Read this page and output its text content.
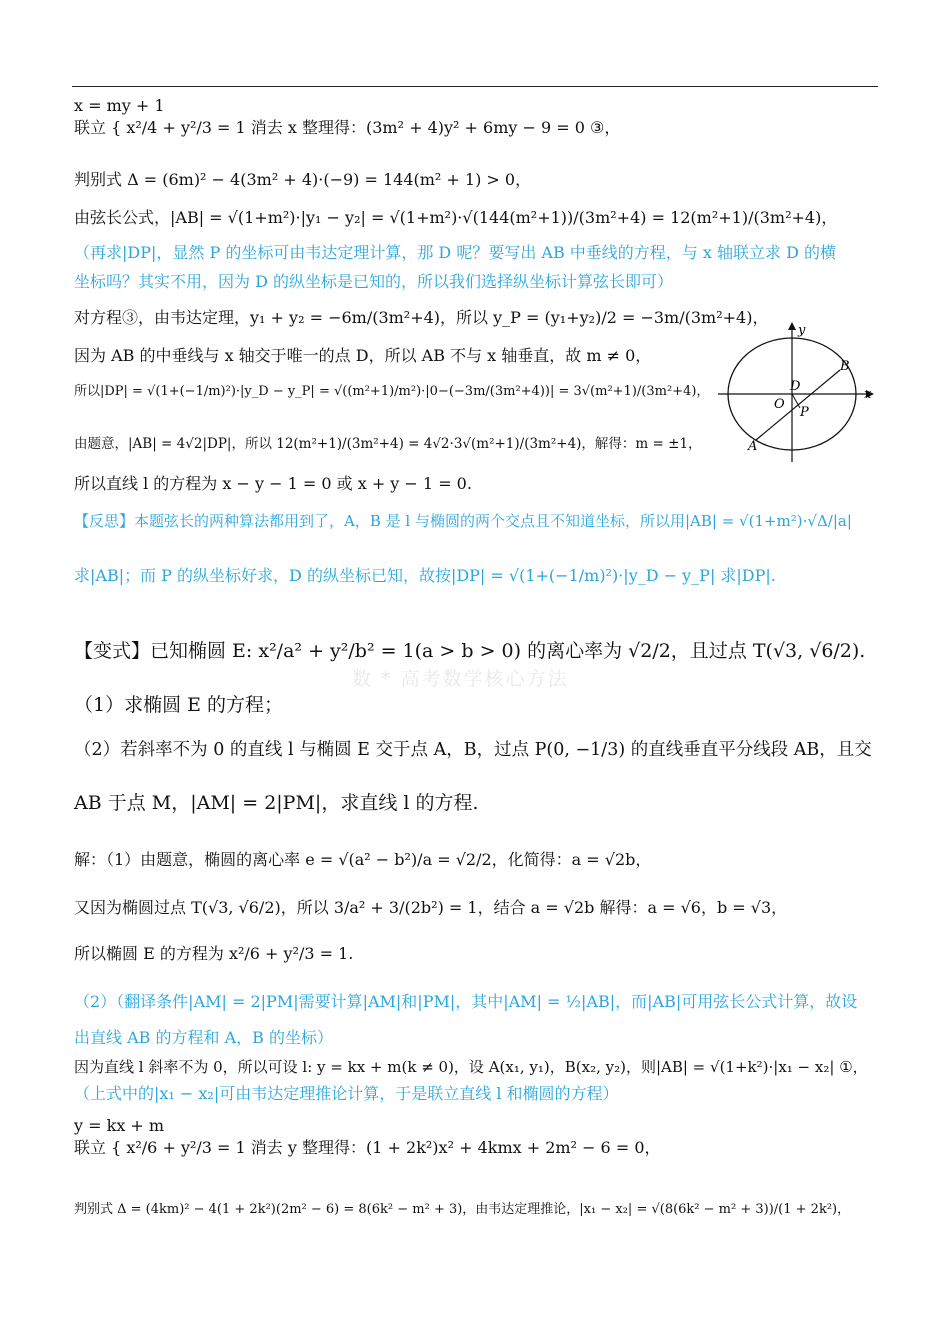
数 * 高考数学核心方法
x = my + 1
联立 { x²/4 + y²/3 = 1 消去 x 整理得：(3m² + 4)y² + 6my − 9 = 0 ③，
判别式 Δ = (6m)² − 4(3m² + 4)·(−9) = 144(m² + 1) > 0，
由弦长公式，|AB| = √(1+m²)·|y₁ − y₂| = √(1+m²)·√(144(m²+1))/(3m²+4) = 12(m²+1)/(3m²+4)，
（再求|DP|，显然 P 的坐标可由韦达定理计算，那 D 呢？要写出 AB 中垂线的方程，与 x 轴联立求 D 的横
坐标吗？其实不用，因为 D 的纵坐标是已知的，所以我们选择纵坐标计算弦长即可）
对方程③，由韦达定理，y₁ + y₂ = −6m/(3m²+4)，所以 y_P = (y₁+y₂)/2 = −3m/(3m²+4)，
因为 AB 的中垂线与 x 轴交于唯一的点 D，所以 AB 不与 x 轴垂直，故 m ≠ 0，
所以|DP| = √(1+(−1/m)²)·|y_D − y_P| = √((m²+1)/m²)·|0−(−3m/(3m²+4))| = 3√(m²+1)/(3m²+4)，
由题意，|AB| = 4√2|DP|，所以 12(m²+1)/(3m²+4) = 4√2·3√(m²+1)/(3m²+4)，解得：m = ±1，
所以直线 l 的方程为 x − y − 1 = 0 或 x + y − 1 = 0.
【反思】本题弦长的两种算法都用到了，A，B 是 l 与椭圆的两个交点且不知道坐标，所以用|AB| = √(1+m²)·√Δ/|a|
求|AB|；而 P 的纵坐标好求，D 的纵坐标已知，故按|DP| = √(1+(−1/m)²)·|y_D − y_P| 求|DP|.
【变式】已知椭圆 E: x²/a² + y²/b² = 1(a > b > 0) 的离心率为 √2/2，且过点 T(√3, √6/2).
（1）求椭圆 E 的方程；
（2）若斜率不为 0 的直线 l 与椭圆 E 交于点 A，B，过点 P(0, −1/3) 的直线垂直平分线段 AB，且交
AB 于点 M，|AM| = 2|PM|，求直线 l 的方程.
解：（1）由题意，椭圆的离心率 e = √(a² − b²)/a = √2/2，化简得：a = √2b，
又因为椭圆过点 T(√3, √6/2)，所以 3/a² + 3/(2b²) = 1，结合 a = √2b 解得：a = √6，b = √3，
所以椭圆 E 的方程为 x²/6 + y²/3 = 1.
（2）（翻译条件|AM| = 2|PM|需要计算|AM|和|PM|，其中|AM| = ½|AB|，而|AB|可用弦长公式计算，故设
出直线 AB 的方程和 A，B 的坐标）
因为直线 l 斜率不为 0，所以可设 l: y = kx + m(k ≠ 0)，设 A(x₁, y₁)，B(x₂, y₂)，则|AB| = √(1+k²)·|x₁ − x₂| ①，
（上式中的|x₁ − x₂|可由韦达定理推论计算，于是联立直线 l 和椭圆的方程）
y = kx + m
联立 { x²/6 + y²/3 = 1 消去 y 整理得：(1 + 2k²)x² + 4kmx + 2m² − 6 = 0，
判别式 Δ = (4km)² − 4(1 + 2k²)(2m² − 6) = 8(6k² − m² + 3)，由韦达定理推论，|x₁ − x₂| = √(8(6k² − m² + 3))/(1 + 2k²)，
x
y
O
B
D
P
A
